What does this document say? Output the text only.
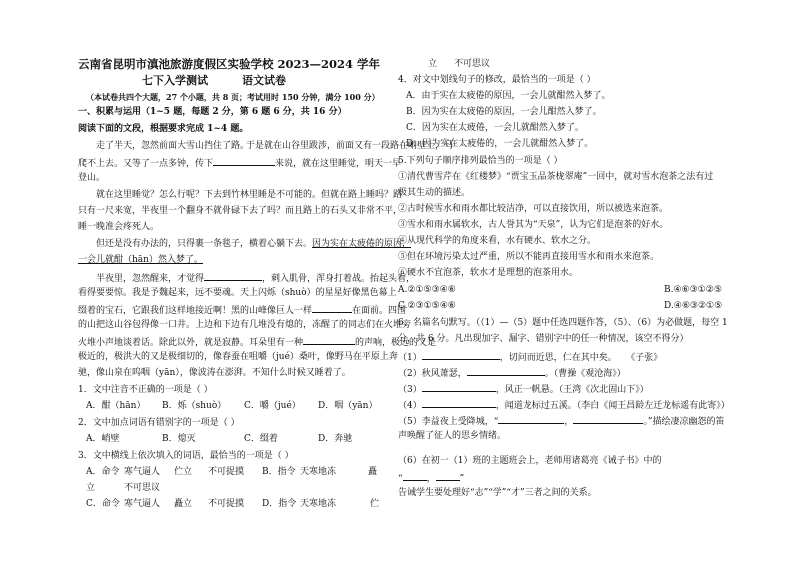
云南省昆明市滇池旅游度假区实验学校 2023—2024 学年
七下入学测试	语文试卷
（本试卷共四个大题，27 个小题，共 8 页；考试用时 150 分钟，满分 100 分）
一、积累与运用（1~5 题，每题 2 分，第 6 题 6 分，共 16 分）
阅读下面的文段，根据要求完成 1~4 题。
走了半天，忽然前面大雪山挡住了路。
于是就在山谷里跋涉，前面又有一段路在峭壁上，马
爬不上去。又等了一点多钟，传下	来说，就在这里睡觉，明天一早
登山。
就在这里睡觉？怎么行呢？下去到竹林里睡是不可能的。但就在路上睡吗？路
只有一尺来宽，半夜里一个翻身不就骨碌下去了吗？而且路上的石头又非常不平，
睡一晚准会疼死人。
但还是没有办法的，只得裹一条毯子，横着心躺下去。因为实在太疲倦的原因，
一会儿就酣（hān）然入梦了。
半夜里，忽然醒来，才觉得	，刺入肌骨，浑身打着战。抬起头看，
看得要要惊。我是予魏起来，远不要魂。天上闪烁（shuò）的星星好像黑色幕上
缀着的宝石，它跟我们这样地接近啊！黑的山峰像巨人一样	在面前。四围
的山把这山谷包得像一口井。上边和下边有几堆没有熄的，冻醒了的同志们在火堆旁
火堆小声地谈着话。除此以外，就是寂静。耳朵里有一种	的声响，极远的又是
极近的，极洪大的又是极细切的，像春蚕在咀嚼（jué）桑叶，像野马在平原上奔
驰，像山泉在呜咽（yān），像波涛在澎湃。不知什么时候又睡着了。
1．文中注音不正确的一项是（ ）
A．酣（hān） B．烁（shuò） C．嚼（jué） D．咽（yān）
2．文中加点词语有错别字的一项是（ ）
A．峭壁	B．熄灭	C．缀着	D．奔驰
3．文中横线上依次填入的词语，最恰当的一项是（ ）
A．命令 寒气逼人 伫立 不可捉摸 B．指令 天寒地冻	矗
立	不可思议
C．命令 寒气逼人 矗立 不可捉摸 D．指令 天寒地冻	伫
立 不可思议
4．对文中划线句子的修改，最恰当的一项是（ ）
A．由于实在太疲倦的原因，一会儿就酣然入梦了。
B．因为实在太疲倦的原因，一会儿酣然入梦了。
C．因为实在太疲倦，一会儿就酣然入梦了。
D．因为实在太疲倦的，一会儿就酣然入梦了。
5.下列句子顺序排列最恰当的一项是（ ）
①清代曹雪芹在《红楼梦》“贾宝玉品茶栊翠庵”一回中，就对雪水泡茶之法有过
极其生动的描述。
②古时候雪水和雨水都比较洁净，可以直接饮用，所以被选来泡茶。
③雪水和雨水属软水，古人誉其为“天泉”，认为它们是泡茶的好水。
④从现代科学的角度来看，水有硬水、软水之分。
⑤但在环境污染太过严重，所以不能再直接用雪水和雨水来泡茶。
⑥硬水不宜泡茶，软水才是理想的泡茶用水。
A.②①⑤③④⑥	B.④⑥③①②⑤
C.②③①⑤④⑥	D.④⑥③②①⑤
6、名篇名句默写。（（1）—（5）题中任选四题作答，（5）、（6）为必做题，每空 1
分，共 6 分。凡出现加字、漏字、错别字中的任一种情况，该空不得分）
（1）	，切问而近思，仁在其中矣。 《子张》
（2）秋风萧瑟，	。（曹操《观沧海》）
（3）	，风正一帆悬。（王湾《次北固山下》）
（4）	，闻道龙标过五溪。（李白《闻王昌龄左迁龙标遥有此寄》）
（5）李益夜上受降城，“	，	。”描绘凄凉幽怨的笛
声唤醒了征人的思乡情绪。
（6）在初一（1）班的主题班会上，老师用诸葛亮《诫子书》中的
“	，	”
告诫学生要处理好“志”“学”“才”三者之间的关系。
